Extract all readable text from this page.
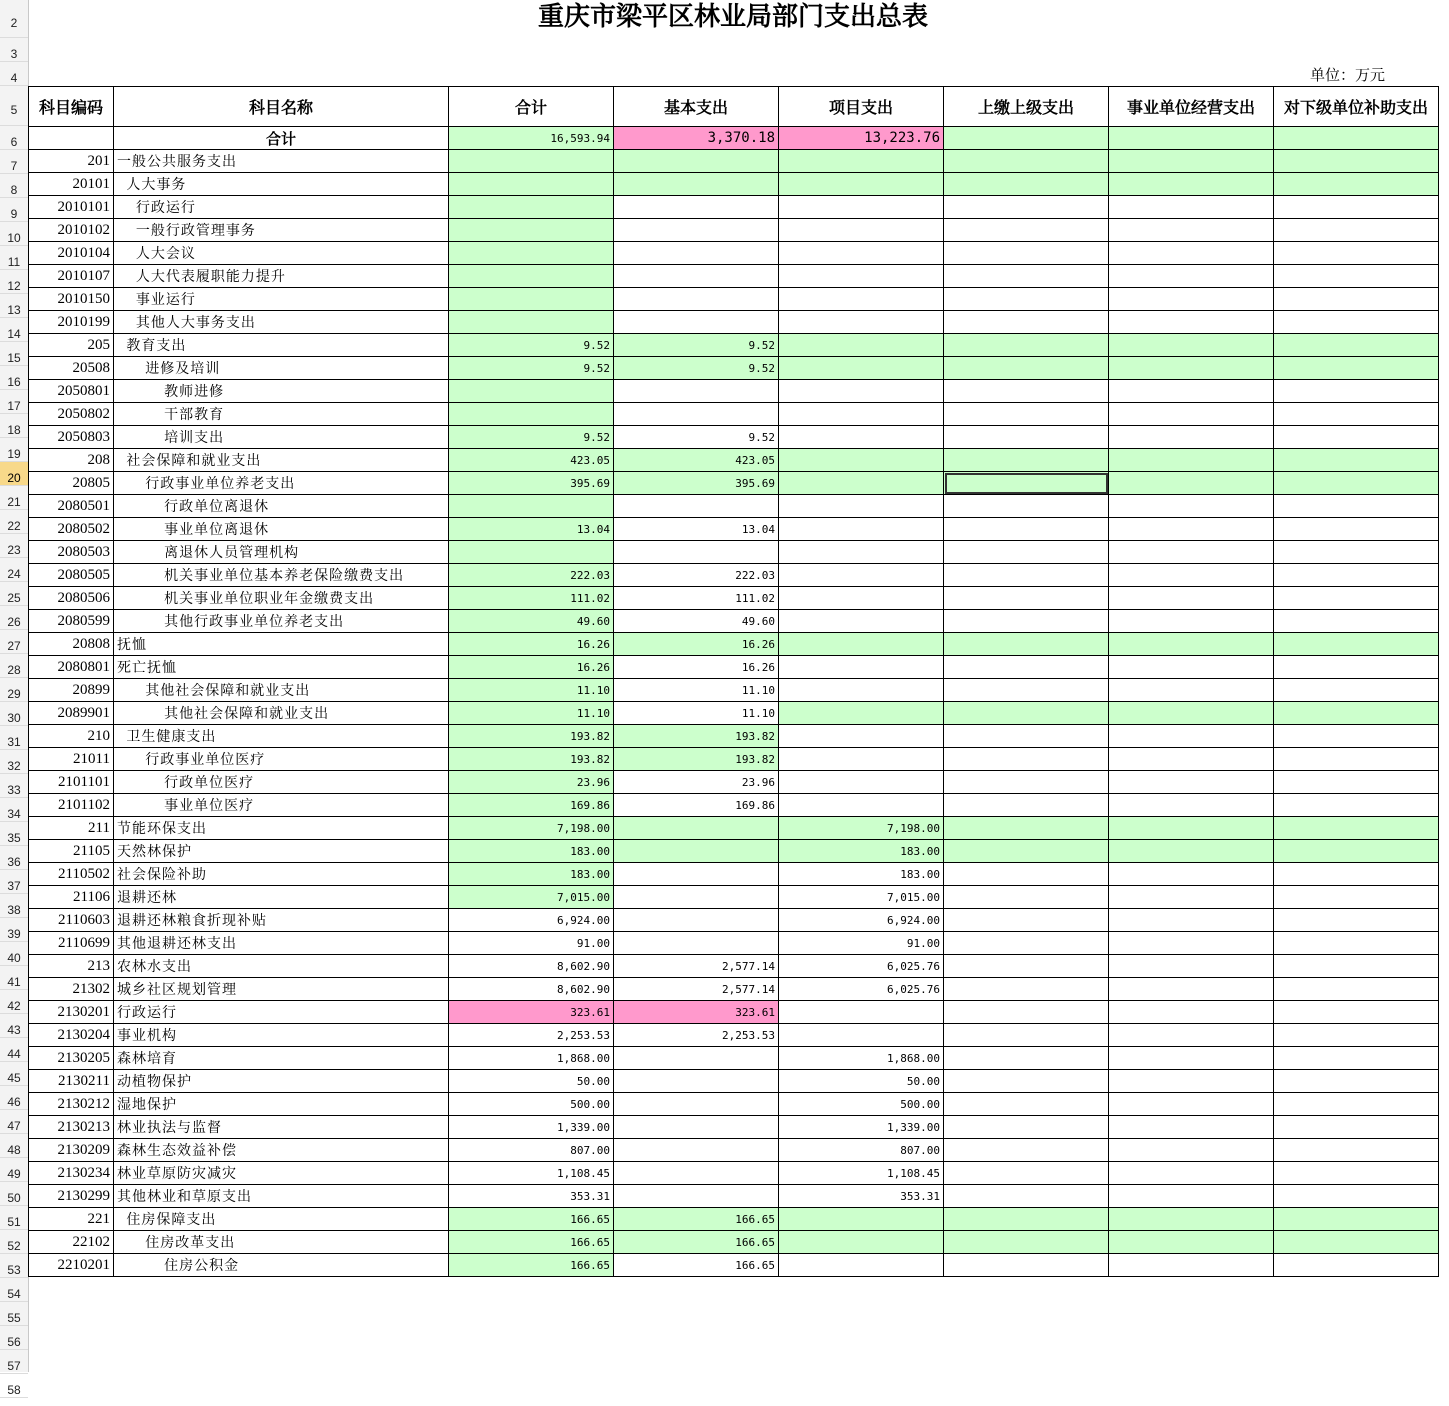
2
3
4
5
6
7
8
9
10
11
12
13
14
15
16
17
18
19
20
21
22
23
24
25
26
27
28
29
30
31
32
33
34
35
36
37
38
39
40
41
42
43
44
45
46
47
48
49
50
51
52
53
54
55
56
57
58
重庆市梁平区林业局部门支出总表
单位：万元
科目编码	科目名称	合计	基本支出	项目支出	上缴上级支出	事业单位经营支出	对下级单位补助支出
	合计	16,593.94	3,370.18	13,223.76			
201	一般公共服务支出						
20101	人大事务						
2010101	行政运行						
2010102	一般行政管理事务						
2010104	人大会议						
2010107	人大代表履职能力提升						
2010150	事业运行						
2010199	其他人大事务支出						
205	教育支出	9.52	9.52				
20508	进修及培训	9.52	9.52				
2050801	教师进修						
2050802	干部教育						
2050803	培训支出	9.52	9.52				
208	社会保障和就业支出	423.05	423.05				
20805	行政事业单位养老支出	395.69	395.69				
2080501	行政单位离退休						
2080502	事业单位离退休	13.04	13.04				
2080503	离退休人员管理机构						
2080505	机关事业单位基本养老保险缴费支出	222.03	222.03				
2080506	机关事业单位职业年金缴费支出	111.02	111.02				
2080599	其他行政事业单位养老支出	49.60	49.60				
20808	抚恤	16.26	16.26				
2080801	死亡抚恤	16.26	16.26				
20899	其他社会保障和就业支出	11.10	11.10				
2089901	其他社会保障和就业支出	11.10	11.10				
210	卫生健康支出	193.82	193.82				
21011	行政事业单位医疗	193.82	193.82				
2101101	行政单位医疗	23.96	23.96				
2101102	事业单位医疗	169.86	169.86				
211	节能环保支出	7,198.00		7,198.00			
21105	天然林保护	183.00		183.00			
2110502	社会保险补助	183.00		183.00			
21106	退耕还林	7,015.00		7,015.00			
2110603	退耕还林粮食折现补贴	6,924.00		6,924.00			
2110699	其他退耕还林支出	91.00		91.00			
213	农林水支出	8,602.90	2,577.14	6,025.76			
21302	城乡社区规划管理	8,602.90	2,577.14	6,025.76			
2130201	行政运行	323.61	323.61				
2130204	事业机构	2,253.53	2,253.53				
2130205	森林培育	1,868.00		1,868.00			
2130211	动植物保护	50.00		50.00			
2130212	湿地保护	500.00		500.00			
2130213	林业执法与监督	1,339.00		1,339.00			
2130209	森林生态效益补偿	807.00		807.00			
2130234	林业草原防灾减灾	1,108.45		1,108.45			
2130299	其他林业和草原支出	353.31		353.31			
221	住房保障支出	166.65	166.65				
22102	住房改革支出	166.65	166.65				
2210201	住房公积金	166.65	166.65				
